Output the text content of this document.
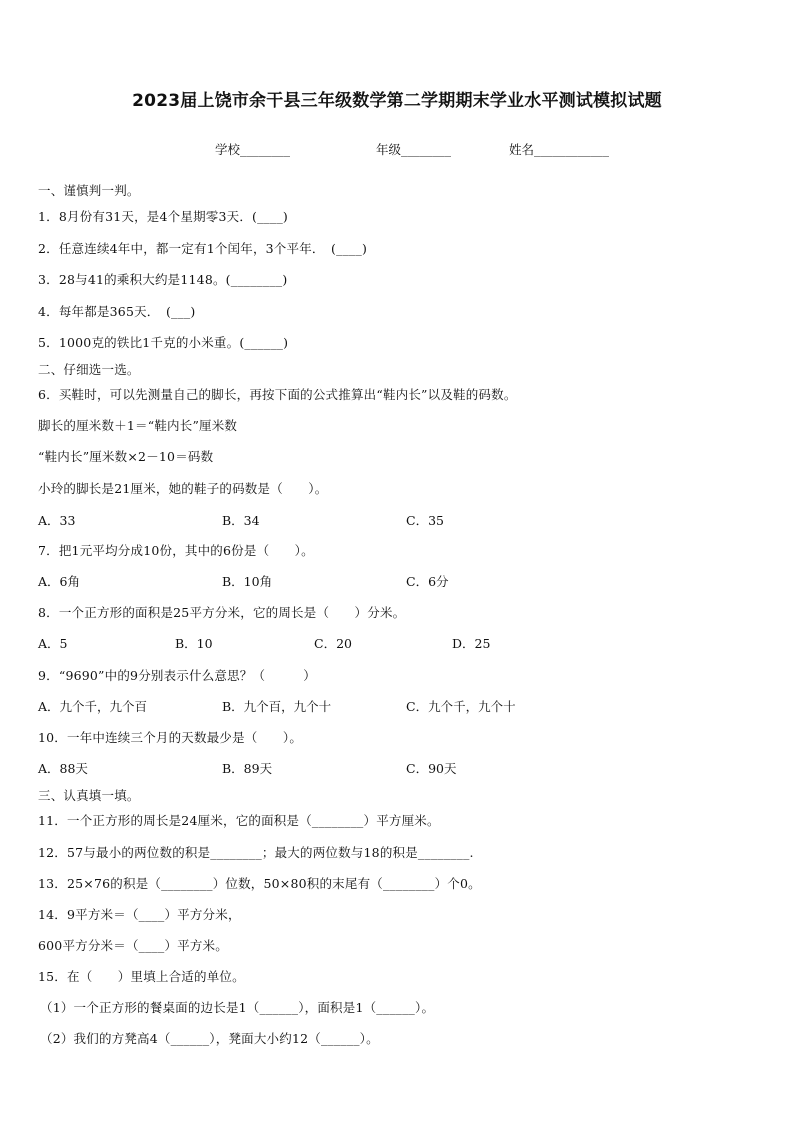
2023届上饶市余干县三年级数学第二学期期末学业水平测试模拟试题
学校________	年级________	姓名____________
一、谨慎判一判。
1．8月份有31天，是4个星期零3天．(____)
2．任意连续4年中，都一定有1个闰年，3个平年．　(____)
3．28与41的乘积大约是1148。(________)
4．每年都是365天．　(___)
5．1000克的铁比1千克的小米重。(______)
二、仔细选一选。
6．买鞋时，可以先测量自己的脚长，再按下面的公式推算出“鞋内长”以及鞋的码数。
脚长的厘米数＋1＝“鞋内长”厘米数
“鞋内长”厘米数×2－10＝码数
小玲的脚长是21厘米，她的鞋子的码数是（　　）。
A．33	B．34	C．35
7．把1元平均分成10份，其中的6份是（　　）。
A．6角	B．10角	C．6分
8．一个正方形的面积是25平方分米，它的周长是（　　）分米。
A．5	B．10	C．20	D．25
9．“9690”中的9分别表示什么意思？（　　　）
A．九个千，九个百	B．九个百，九个十	C．九个千，九个十
10．一年中连续三个月的天数最少是（　　）。
A．88天	B．89天	C．90天
三、认真填一填。
11．一个正方形的周长是24厘米，它的面积是（________）平方厘米。
12．57与最小的两位数的积是________；最大的两位数与18的积是________.
13．25×76的积是（________）位数，50×80积的末尾有（________）个0。
14．9平方米＝（____）平方分米，
600平方分米＝（____）平方米。
15．在（　　）里填上合适的单位。
（1）一个正方形的餐桌面的边长是1（______），面积是1（______）。
（2）我们的方凳高4（______），凳面大小约12（______）。
